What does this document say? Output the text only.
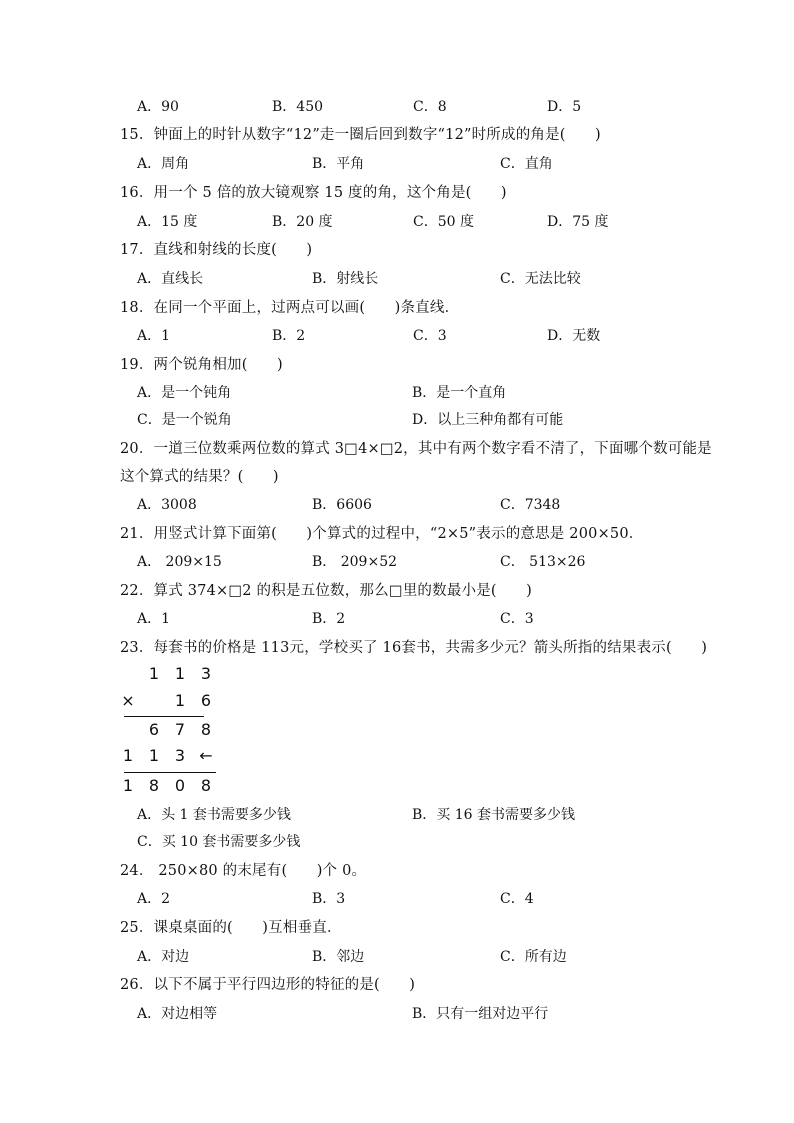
A．90	B．450	C．8	D．5
15．钟面上的时针从数字“12”走一圈后回到数字“12”时所成的角是(　　)
A．周角	B．平角	C．直角
16．用一个 5 倍的放大镜观察 15 度的角，这个角是(　　)
A．15 度	B．20 度	C．50 度	D．75 度
17．直线和射线的长度(　　)
A．直线长	B．射线长	C．无法比较
18．在同一个平面上，过两点可以画(　　)条直线．
A．1	B．2	C．3	D．无数
19．两个锐角相加(　　)
A．是一个钝角	B．是一个直角
C．是一个锐角	D．以上三种角都有可能
20．一道三位数乘两位数的算式 3□4×□2，其中有两个数字看不清了，下面哪个数可能是
这个算式的结果？(　　)
A．3008	B．6606	C．7348
21．用竖式计算下面第(　　)个算式的过程中，“2×5”表示的意思是 200×50．
A． 209×15	B． 209×52	C． 513×26
22．算式 374×□2 的积是五位数，那么□里的数最小是(　　)
A．1	B．2	C．3
23．每套书的价格是 113元，学校买了 16套书，共需多少元？箭头所指的结果表示(　　)
1 1 3
×	1 6
6 7 8
1 1 3 ←
1 8 0 8
A．头 1 套书需要多少钱	B．买 16 套书需要多少钱
C．买 10 套书需要多少钱
24． 250×80 的末尾有(　　)个 0。
A．2	B．3	C．4
25．课桌桌面的(　　)互相垂直．
A．对边	B．邻边	C．所有边
26．以下不属于平行四边形的特征的是(　　)
A．对边相等	B．只有一组对边平行
